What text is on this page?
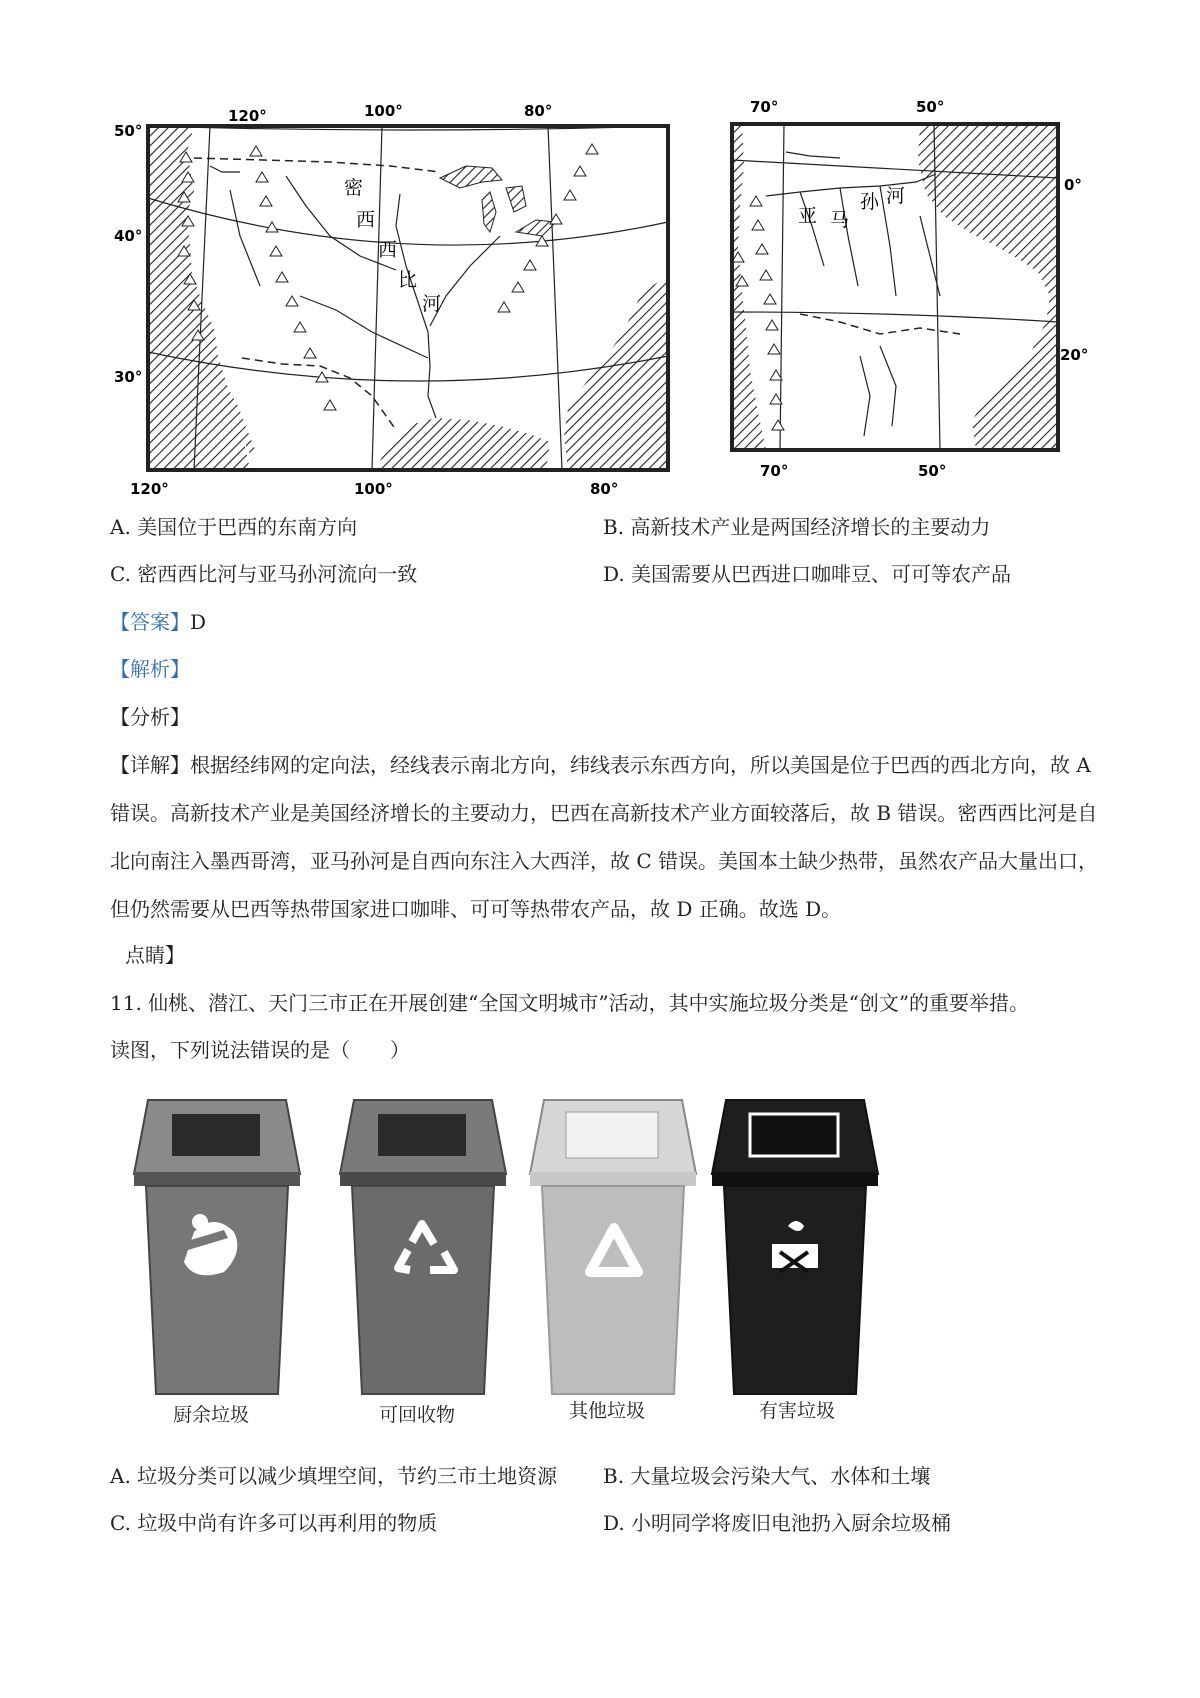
120°	100°	80°
50°
40°
30°
密
西
西
比
河
120°	100°	80°
70°	50°
0°
20°
亚 马
孙 河
70°	50°
A. 美国位于巴西的东南方向	B. 高新技术产业是两国经济增长的主要动力
C. 密西西比河与亚马孙河流向一致	D. 美国需要从巴西进口咖啡豆、可可等农产品
【答案】D
【解析】
【分析】
【详解】根据经纬网的定向法，经线表示南北方向，纬线表示东西方向，所以美国是位于巴西的西北方向，故 A 错误。高新技术产业是美国经济增长的主要动力，巴西在高新技术产业方面较落后，故 B 错误。密西西比河是自北向南注入墨西哥湾，亚马孙河是自西向东注入大西洋，故 C 错误。美国本土缺少热带，虽然农产品大量出口，但仍然需要从巴西等热带国家进口咖啡、可可等热带农产品，故 D 正确。故选 D。
点睛】
11. 仙桃、潜江、天门三市正在开展创建“全国文明城市”活动，其中实施垃圾分类是“创文”的重要举措。
读图，下列说法错误的是（　　）
厨余垃圾	可回收物	其他垃圾	有害垃圾
A. 垃圾分类可以减少填埋空间，节约三市土地资源 B. 大量垃圾会污染大气、水体和土壤
C. 垃圾中尚有许多可以再利用的物质	D. 小明同学将废旧电池扔入厨余垃圾桶
